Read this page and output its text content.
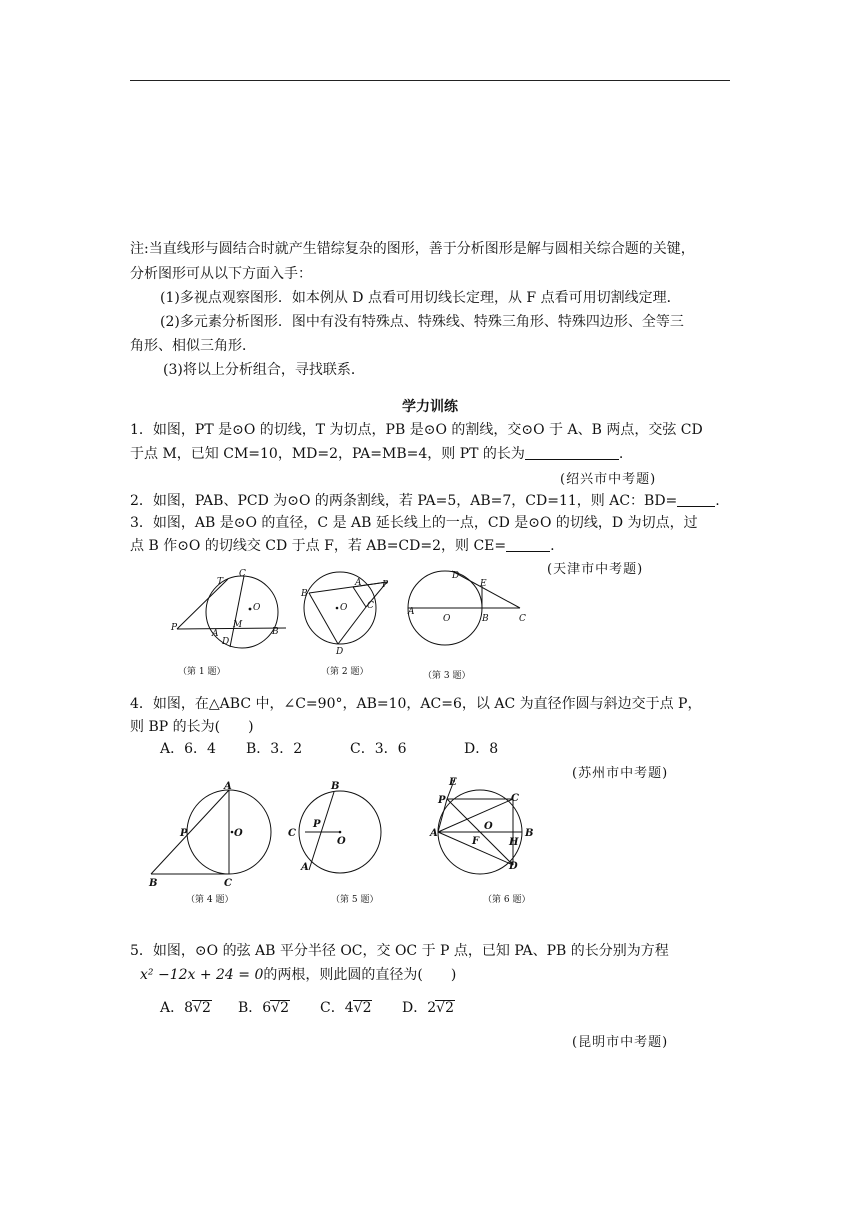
注:当直线形与圆结合时就产生错综复杂的图形，善于分析图形是解与圆相关综合题的关键，
分析图形可从以下方面入手：
(1)多视点观察图形．如本例从 D 点看可用切线长定理，从 F 点看可用切割线定理．
(2)多元素分析图形．图中有没有特殊点、特殊线、特殊三角形、特殊四边形、全等三
角形、相似三角形．
(3)将以上分析组合，寻找联系．
学力训练
1．如图，PT 是⊙O 的切线，T 为切点，PB 是⊙O 的割线，交⊙O 于 A、B 两点，交弦 CD
于点 M，已知 CM=10，MD=2，PA=MB=4，则 PT 的长为	.
(绍兴市中考题)
2．如图，PAB、PCD 为⊙O 的两条割线，若 PA=5，AB=7，CD=11，则 AC：BD=	.
3．如图，AB 是⊙O 的直径，C 是 AB 延长线上的一点，CD 是⊙O 的切线，D 为切点，过
点 B 作⊙O 的切线交 CD 于点 F，若 AB=CD=2，则 CE=	.
(天津市中考题)
T
C
O
P
A
M
B
D
（第 1 题）
A P
B
O C
D
（第 2 题）
D
E
A
O	B	C
（第 3 题）
4．如图，在△ABC 中，∠C=90°，AB=10，AC=6，以 AC 为直径作圆与斜边交于点 P，
则 BP 的长为(　　)
A．6．4 B．3．2	C．3．6	D．8
(苏州市中考题)
A
P	O
B	C
（第 4 题）
B
C
P
O
A
（第 5 题）
E
P	C
A
O
B
F	H
D
（第 6 题）
5．如图，⊙O 的弦 AB 平分半径 OC，交 OC 于 P 点，已知 PA、PB 的长分别为方程
x² −12x + 24 = 0的两根，则此圆的直径为(　　)
A．8√2 B．6√2 C．4√2 D．2√2
(昆明市中考题)
